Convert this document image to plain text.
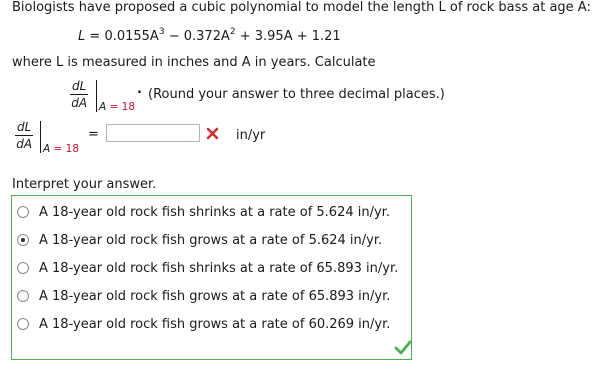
Biologists have proposed a cubic polynomial to model the length L of rock bass at age A:
$L = 0.0155A^3 - 0.372A^2 + 3.95A + 1.21$
where L is measured in inches and A in years. Calculate
$\frac{dL}{dA}$ A = 18
. (Round your answer to three decimal places.)
$\frac{dL}{dA}$ A = 18
=	in/yr
Interpret your answer.
A 18-year old rock fish shrinks at a rate of 5.624 in/yr.
A 18-year old rock fish grows at a rate of 5.624 in/yr.
A 18-year old rock fish shrinks at a rate of 65.893 in/yr.
A 18-year old rock fish grows at a rate of 65.893 in/yr.
A 18-year old rock fish grows at a rate of 60.269 in/yr.
